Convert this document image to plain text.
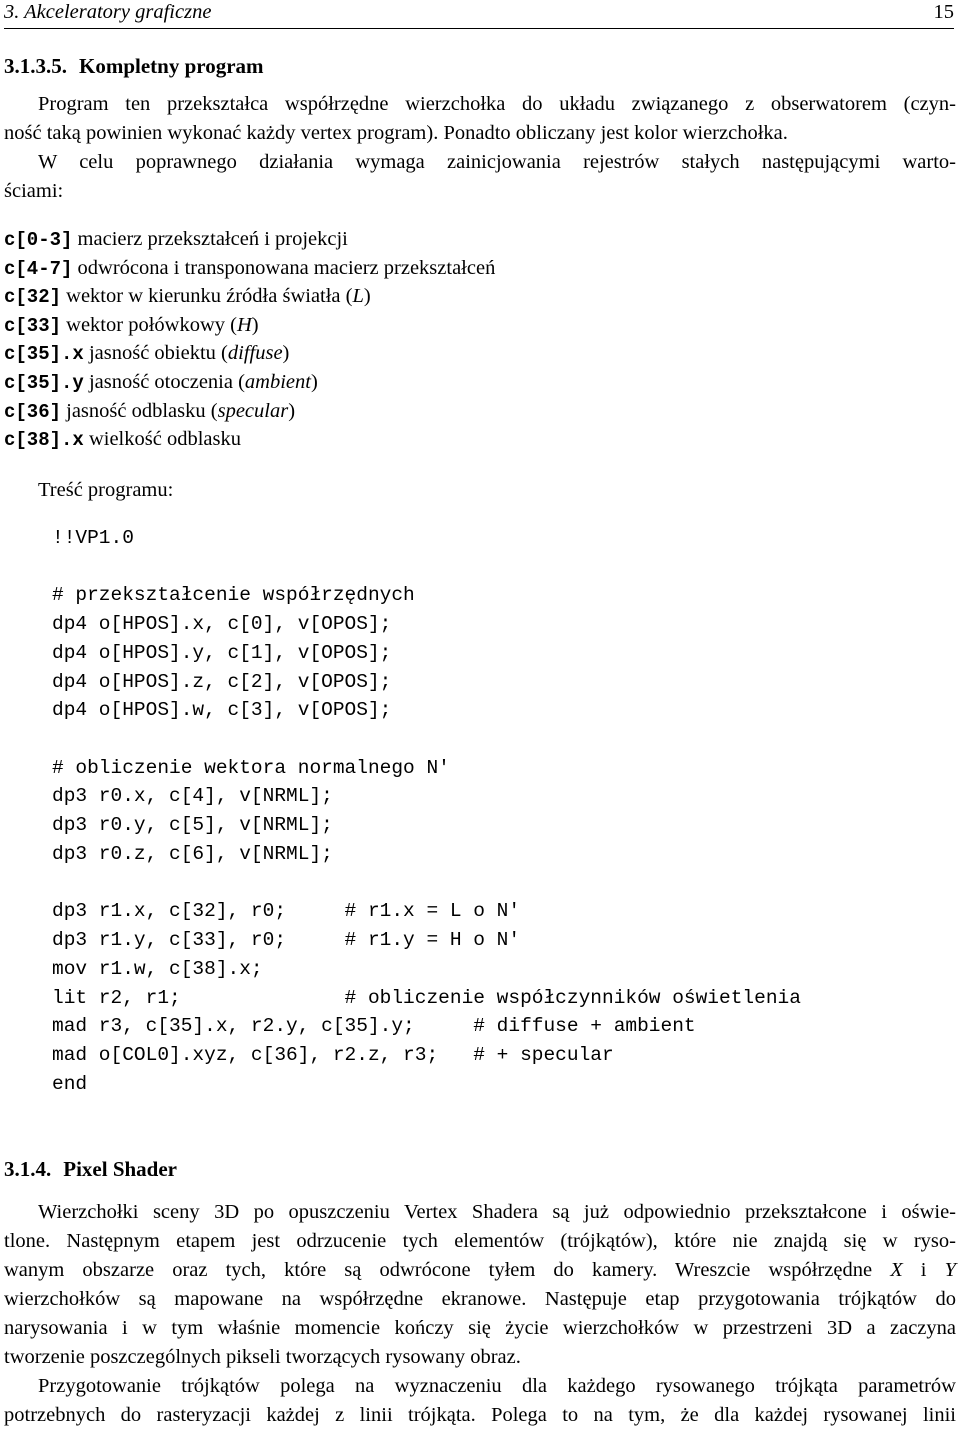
3. Akceleratory graficzne	15
3.1.3.5. Kompletny program
Program ten przekształca współrzędne wierzchołka do układu związanego z obserwatorem (czyn-
ność taką powinien wykonać każdy vertex program). Ponadto obliczany jest kolor wierzchołka.
W celu poprawnego działania wymaga zainicjowania rejestrów stałych następującymi warto-
ściami:
c[0-3] macierz przekształceń i projekcji
c[4-7] odwrócona i transponowana macierz przekształceń
c[32] wektor w kierunku źródła światła (L)
c[33] wektor połówkowy (H)
c[35].x jasność obiektu (diffuse)
c[35].y jasność otoczenia (ambient)
c[36] jasność odblasku (specular)
c[38].x wielkość odblasku
Treść programu:
!!VP1.0
# przekształcenie współrzędnych
dp4 o[HPOS].x, c[0], v[OPOS];
dp4 o[HPOS].y, c[1], v[OPOS];
dp4 o[HPOS].z, c[2], v[OPOS];
dp4 o[HPOS].w, c[3], v[OPOS];
# obliczenie wektora normalnego N′
dp3 r0.x, c[4], v[NRML];
dp3 r0.y, c[5], v[NRML];
dp3 r0.z, c[6], v[NRML];
dp3 r1.x, c[32], r0;     # r1.x = L o N′
dp3 r1.y, c[33], r0;     # r1.y = H o N′
mov r1.w, c[38].x;
lit r2, r1;              # obliczenie współczynników oświetlenia
mad r3, c[35].x, r2.y, c[35].y;     # diffuse + ambient
mad o[COL0].xyz, c[36], r2.z, r3;   # + specular
end
3.1.4. Pixel Shader
Wierzchołki sceny 3D po opuszczeniu Vertex Shadera są już odpowiednio przekształcone i oświe-
tlone. Następnym etapem jest odrzucenie tych elementów (trójkątów), które nie znajdą się w ryso-
wanym obszarze oraz tych, które są odwrócone tyłem do kamery. Wreszcie współrzędne X i Y
wierzchołków są mapowane na współrzędne ekranowe. Następuje etap przygotowania trójkątów do
narysowania i w tym właśnie momencie kończy się życie wierzchołków w przestrzeni 3D a zaczyna
tworzenie poszczególnych pikseli tworzących rysowany obraz.
Przygotowanie trójkątów polega na wyznaczeniu dla każdego rysowanego trójkąta parametrów
potrzebnych do rasteryzacji każdej z linii trójkąta. Polega to na tym, że dla każdej rysowanej linii
